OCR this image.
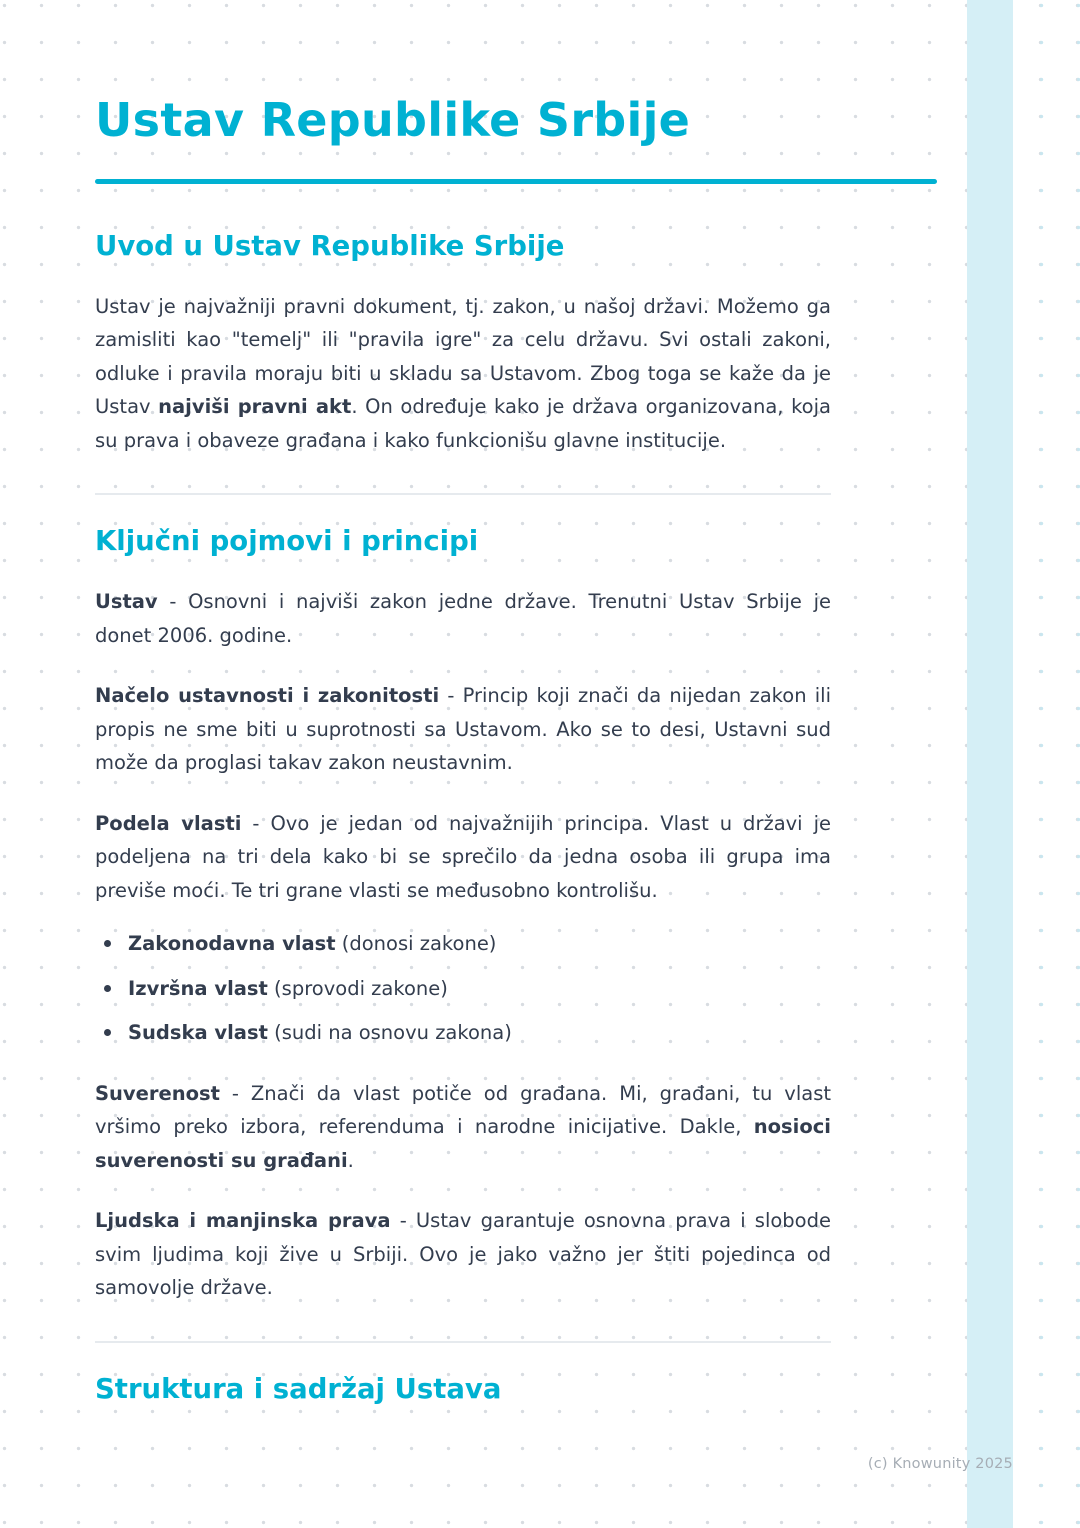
Ustav Republike Srbije
Uvod u Ustav Republike Srbije

Ustav je najvažniji pravni dokument, tj. zakon, u našoj državi. Možemo ga zamisliti kao "temelj" ili "pravila igre" za celu državu. Svi ostali zakoni, odluke i pravila moraju biti u skladu sa Ustavom. Zbog toga se kaže da je Ustav najviši pravni akt. On određuje kako je država organizovana, koja su prava i obaveze građana i kako funkcionišu glavne institucije.

Ključni pojmovi i principi

Ustav - Osnovni i najviši zakon jedne države. Trenutni Ustav Srbije je donet 2006. godine.

Načelo ustavnosti i zakonitosti - Princip koji znači da nijedan zakon ili propis ne sme biti u suprotnosti sa Ustavom. Ako se to desi, Ustavni sud može da proglasi takav zakon neustavnim.

Podela vlasti - Ovo je jedan od najvažnijih principa. Vlast u državi je podeljena na tri dela kako bi se sprečilo da jedna osoba ili grupa ima previše moći. Te tri grane vlasti se međusobno kontrolišu.

Zakonodavna vlast (donosi zakone)
Izvršna vlast (sprovodi zakone)
Sudska vlast (sudi na osnovu zakona)

Suverenost - Znači da vlast potiče od građana. Mi, građani, tu vlast vršimo preko izbora, referenduma i narodne inicijative. Dakle, nosioci suverenosti su građani.

Ljudska i manjinska prava - Ustav garantuje osnovna prava i slobode svim ljudima koji žive u Srbiji. Ovo je jako važno jer štiti pojedinca od samovolje države.

Struktura i sadržaj Ustava
(c) Knowunity 2025
